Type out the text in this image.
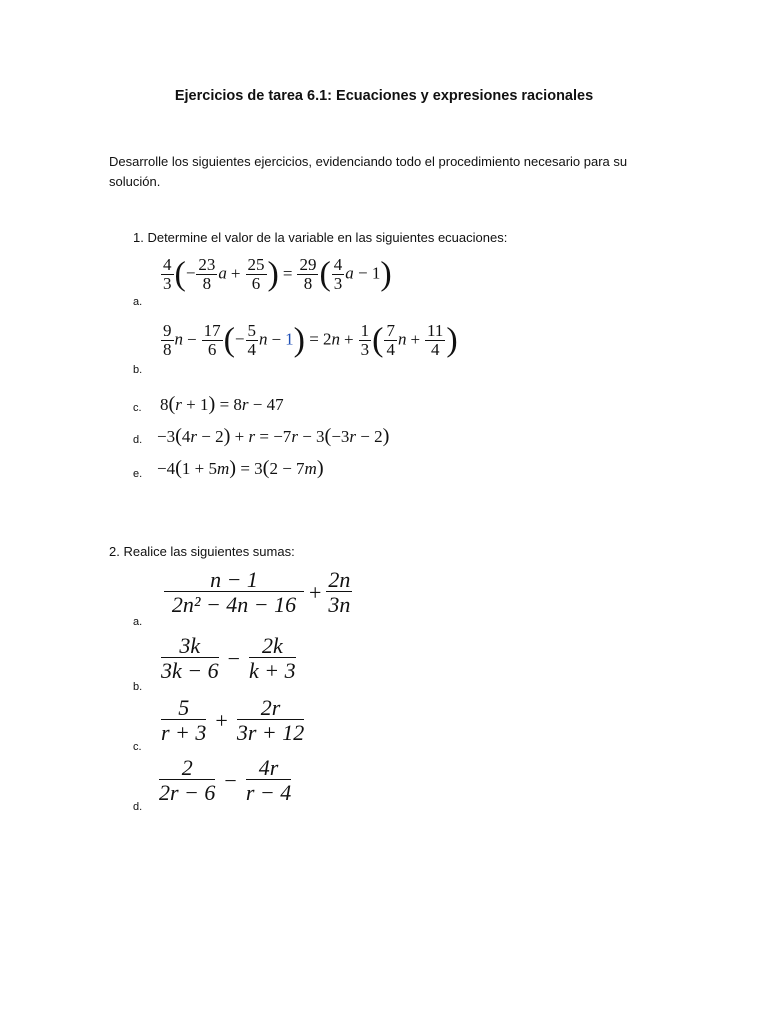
Ejercicios de tarea 6.1: Ecuaciones y expresiones racionales
Desarrolle los siguientes ejercicios, evidenciando todo el procedimiento necesario para su solución.
1. Determine el valor de la variable en las siguientes ecuaciones:
a.
$\frac{4}{3}$ (− $\frac{23}{8}$ $a + \frac{25}{6}$ ) = $\frac{29}{8}$ ( $\frac{4}{3}$ a − 1)
b.
$\frac{9}{8}$ $n - \frac{17}{6}$ (− $\frac{5}{4}$ $n - 1) = 2n + \frac{1}{3}$ ( $\frac{7}{4}$ $n + \frac{11}{4}$ )
c. 8(r + 1) = 8r − 47
d. −3(4r − 2) + r = −7r − 3(−3r − 2)
e. −4(1 + 5m) = 3(2 − 7m)
2. Realice las siguientes sumas:
a.
$\frac{n - 1}{\text{2n² − 4n − 16}} + \frac{2n}{3n}$
b.
$\frac{3k}{3k - 6} - \frac{2k}{k + 3}$
c.
$\frac{5}{r + 3} + \frac{2r}{3r + 12}$
d.
$\frac{2}{2r - 6} - \frac{4r}{r - 4}$
